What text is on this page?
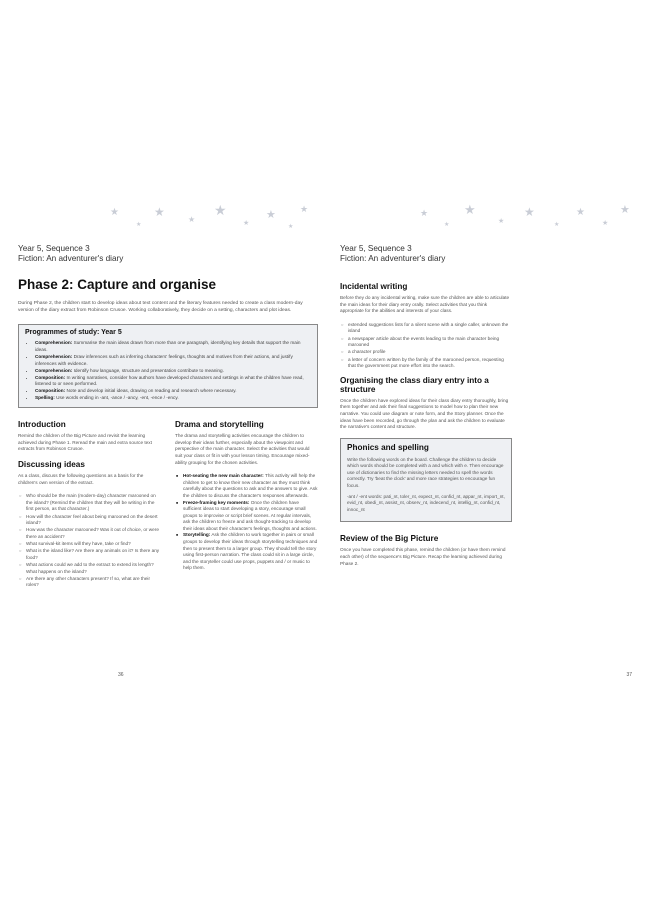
★
★
★
★
★
★
★
★
★
Year 5, Sequence 3
Fiction: An adventurer's diary
Phase 2: Capture and organise

During Phase 2, the children start to develop ideas about text content and the literary features needed to create a class modern-day version of the diary extract from Robinson Crusoe. Working collaboratively, they decide on a setting, characters and plot ideas.

Programmes of study: Year 5
• Comprehension: Summarise the main ideas drawn from more than one paragraph, identifying key details that support the main ideas.
• Comprehension: Draw inferences such as inferring characters' feelings, thoughts and motives from their actions, and justify inferences with evidence.
• Comprehension: Identify how language, structure and presentation contribute to meaning.
• Composition: In writing narratives, consider how authors have developed characters and settings in what the children have read, listened to or seen performed.
• Composition: Note and develop initial ideas, drawing on reading and research where necessary.
• Spelling: Use words ending in -ant, -ance / -ancy, -ent, -ence / -ency.
Introduction

Remind the children of the Big Picture and revisit the learning achieved during Phase 1. Reread the main and extra source text extracts from Robinson Crusoe.

Discussing ideas

As a class, discuss the following questions as a basis for the children's own version of the extract.

○ Who should be the main (modern-day) character marooned on the island? (Remind the children that they will be writing in the first person, as that character.)
○ How will the character feel about being marooned on the desert island?
○ How was the character marooned? Was it out of choice, or were there an accident?
○ What survival-kit items will they have, take or find?
○ What is the island like? Are there any animals on it? Is there any food?
○ What actions could we add to the extract to extend its length? What happens on the island?
○ Are there any other characters present? If so, what are their roles?
Drama and storytelling

The drama and storytelling activities encourage the children to develop their ideas further, especially about the viewpoint and perspective of the main character. Select the activities that would suit your class or fit in with your lesson timing. Encourage mixed-ability grouping for the chosen activities.

■ Hot-seating the new main character: This activity will help the children to get to know their new character as they must think carefully about the questions to ask and the answers to give. Ask the children to discuss the character's responses afterwards.
■ Freeze-framing key moments: Once the children have sufficient ideas to start developing a story, encourage small groups to improvise or script brief scenes. At regular intervals, ask the children to freeze and ask thought-tracking to develop their ideas about their character's feelings, thoughts and actions.
■ Storytelling: Ask the children to work together in pairs or small groups to develop their ideas through storytelling techniques and then to present them to a larger group. They should tell the story using first-person narration. The class could sit in a large circle, and the storyteller could use props, puppets and / or music to help them.
36
★
★
★
★
★
★
★
★
★
Year 5, Sequence 3
Fiction: An adventurer's diary
Incidental writing

Before they do any incidental writing, make sure the children are able to articulate the main ideas for their diary entry orally. Select activities that you think appropriate for the abilities and interests of your class.

○ extended suggestions lists for a silent scene with a single caller, unknown the island
○ a newspaper article about the events leading to the main character being marooned
○ a character profile
○ a letter of concern written by the family of the marooned person, requesting that the government put more effort into the search.
Organising the class diary entry into a structure

Once the children have explored ideas for their class diary entry thoroughly, bring them together and ask their final suggestions to model how to plan their new narrative. You could use diagram or note form, and the Story planner. Once the ideas have been recorded, go through the plan and ask the children to evaluate the narrative's content and structure.

Phonics and spelling

Write the following words on the board. Challenge the children to decide which words should be completed with a and which with e. Then encourage use of dictionaries to find the missing letters needed to spell the words correctly. Try 'beat the clock' and more race strategies to encourage fun focus.

-ant / -ent words: pati_nt, toler_nt, expect_nt, confid_nt, appar_nt, import_nt, evid_nt, obedi_nt, assist_nt, observ_nt, indecend_nt, intellig_nt, confid_nt, innoc_nt

Review of the Big Picture

Once you have completed this phase, remind the children (or have them remind each other) of the sequence's Big Picture. Recap the learning achieved during Phase 2.

37
